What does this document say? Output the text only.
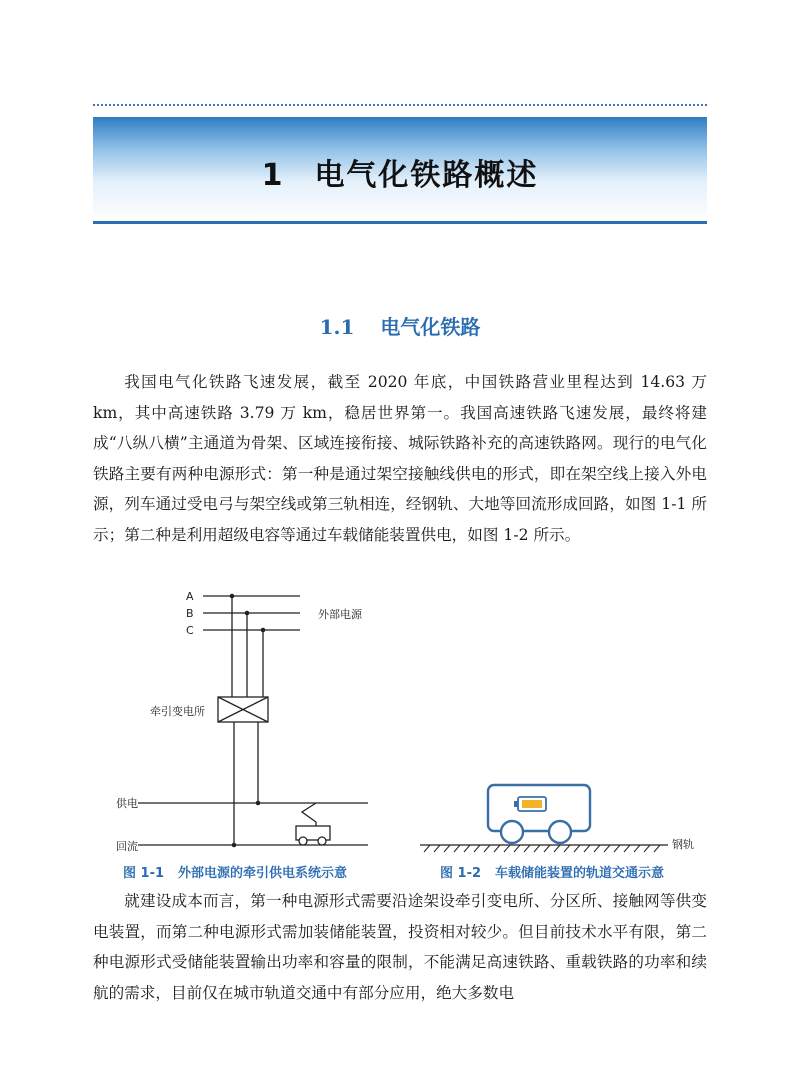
1 电气化铁路概述
1.1 电气化铁路

我国电气化铁路飞速发展，截至 2020 年底，中国铁路营业里程达到 14.63 万 km，其中高速铁路 3.79 万 km，稳居世界第一。我国高速铁路飞速发展，最终将建成“八纵八横”主通道为骨架、区域连接衔接、城际铁路补充的高速铁路网。现行的电气化铁路主要有两种电源形式：第一种是通过架空接触线供电的形式，即在架空线上接入外电源，列车通过受电弓与架空线或第三轨相连，经钢轨、大地等回流形成回路，如图 1-1 所示；第二种是利用超级电容等通过车载储能装置供电，如图 1-2 所示。

A
B
C
外部电源
牵引变电所
供电
回流	钢轨
图 1-1 外部电源的牵引供电系统示意	图 1-2 车载储能装置的轨道交通示意

就建设成本而言，第一种电源形式需要沿途架设牵引变电所、分区所、接触网等供变电装置，而第二种电源形式需加装储能装置，投资相对较少。但目前技术水平有限，第二种电源形式受储能装置输出功率和容量的限制，不能满足高速铁路、重载铁路的功率和续航的需求，目前仅在城市轨道交通中有部分应用，绝大多数电
